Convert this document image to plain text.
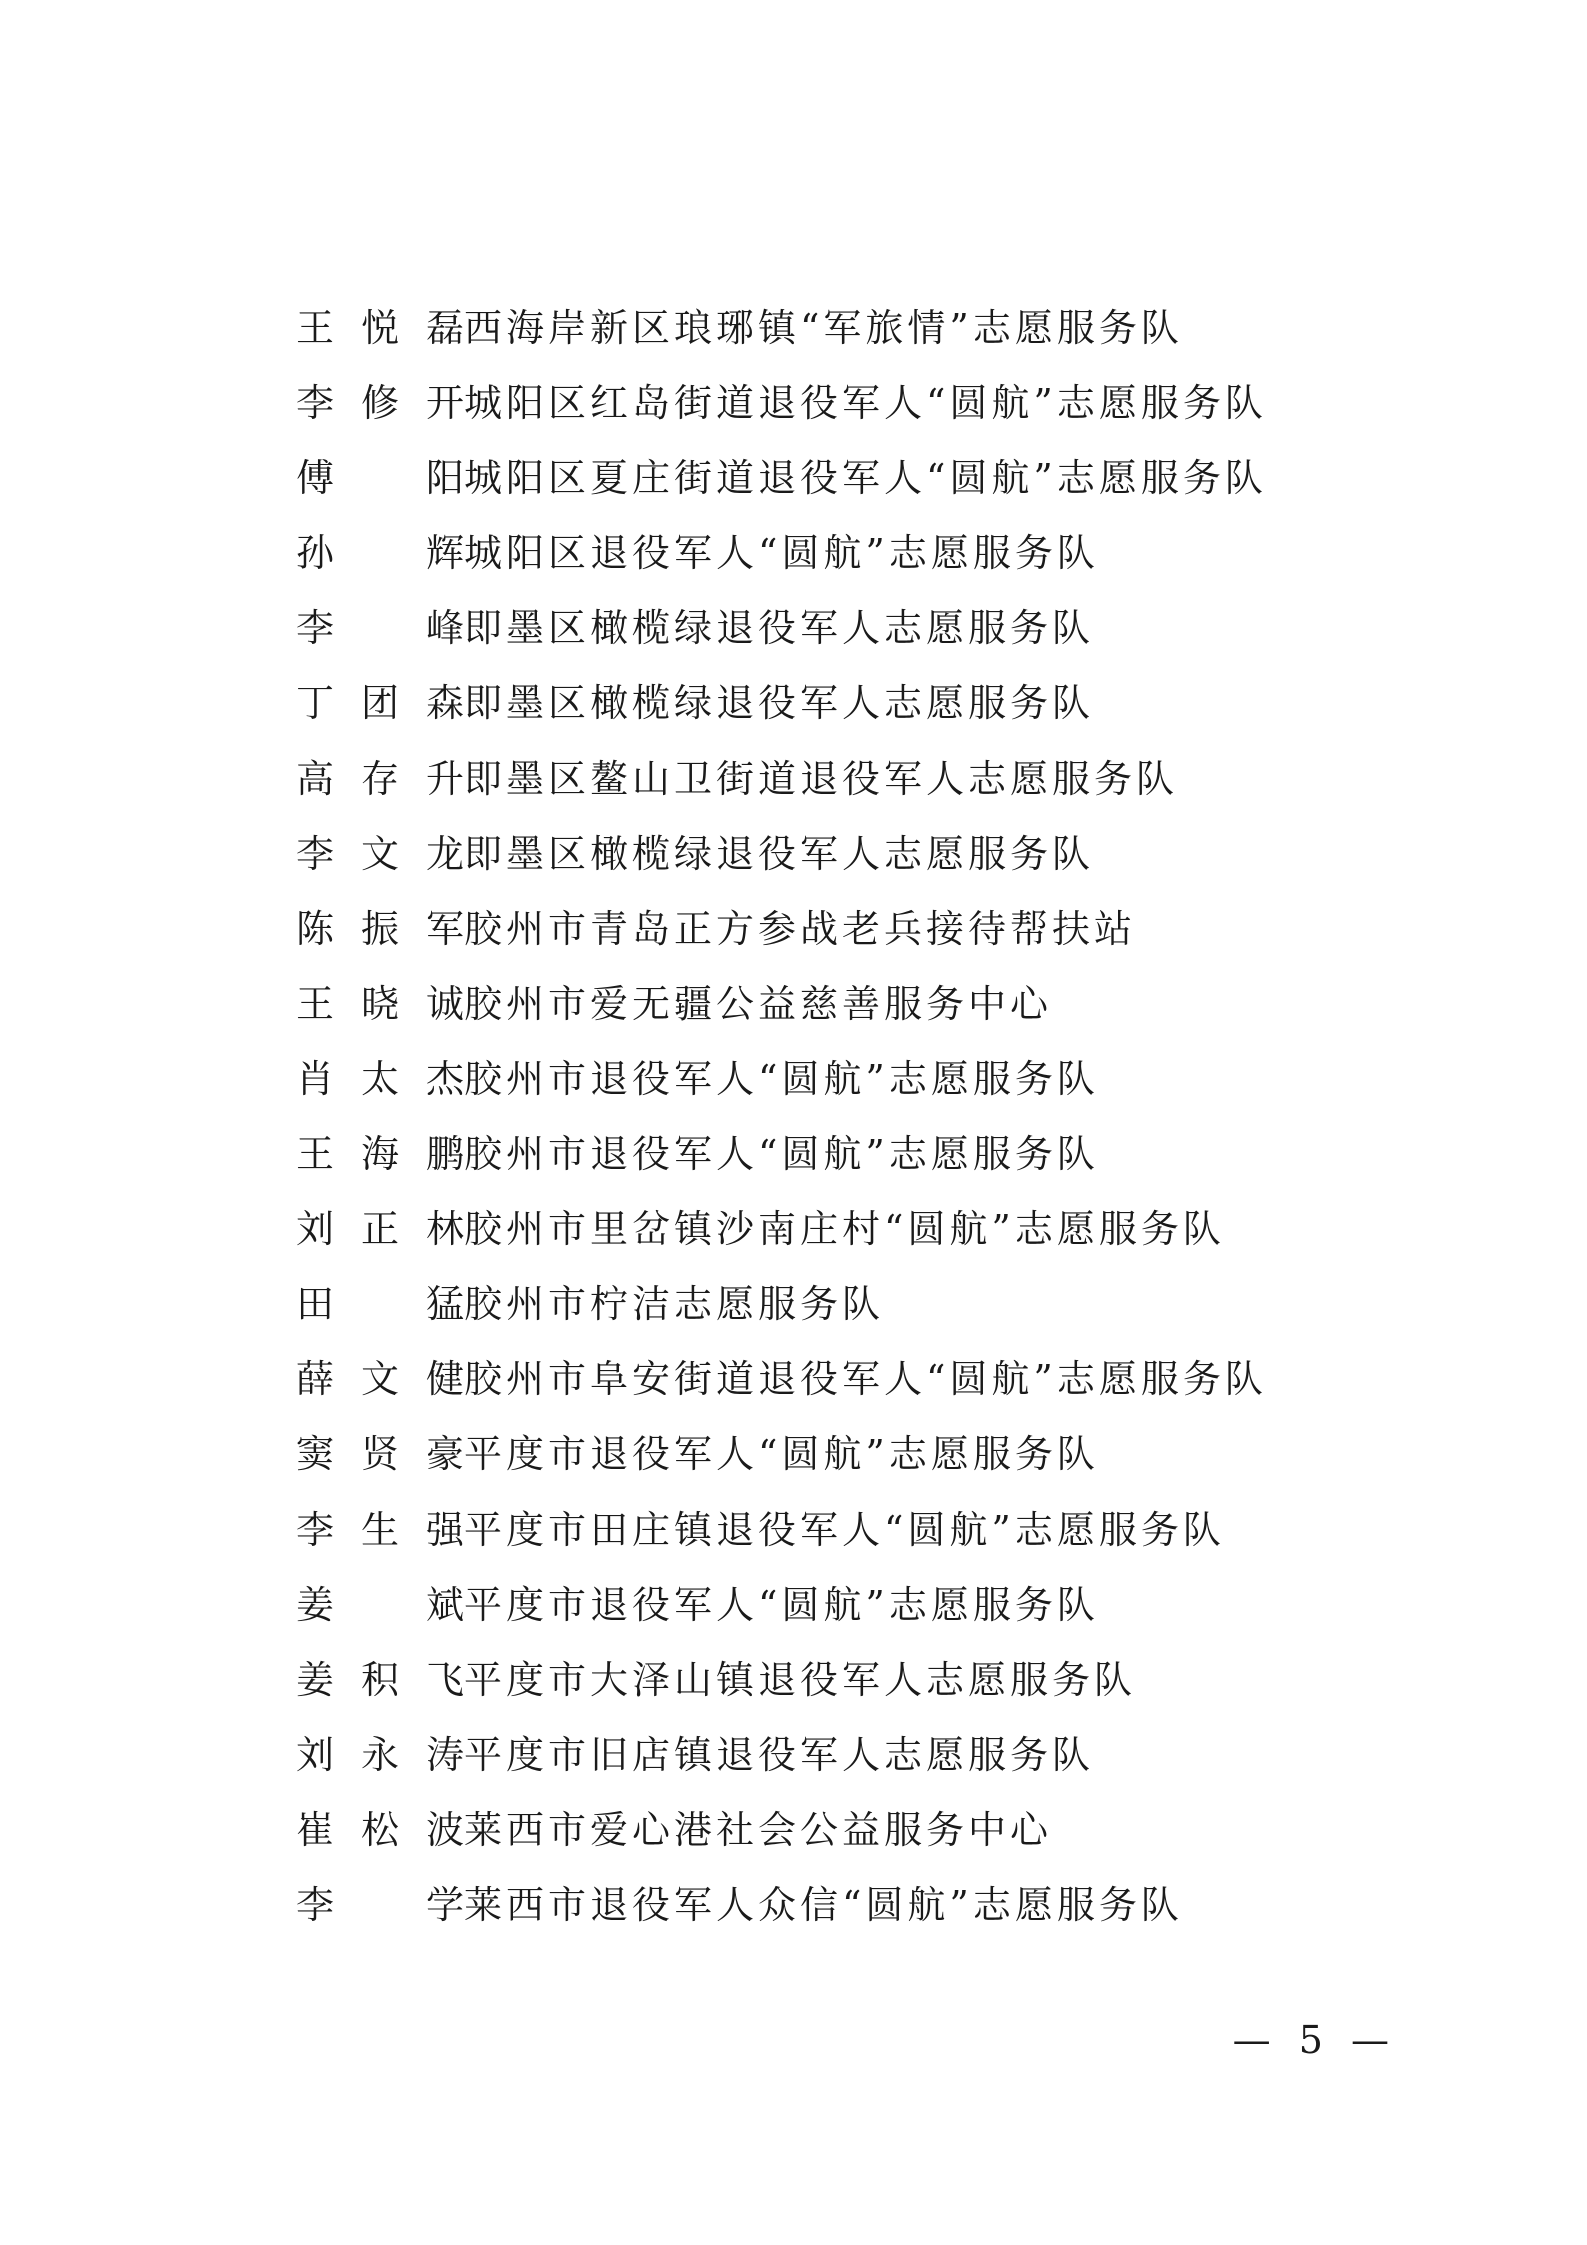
王悦磊 西海岸新区琅琊镇“军旅情”志愿服务队
李修开 城阳区红岛街道退役军人“圆航”志愿服务队
傅 阳 城阳区夏庄街道退役军人“圆航”志愿服务队
孙 辉 城阳区退役军人“圆航”志愿服务队
李 峰 即墨区橄榄绿退役军人志愿服务队
丁团森 即墨区橄榄绿退役军人志愿服务队
高存升 即墨区鳌山卫街道退役军人志愿服务队
李文龙 即墨区橄榄绿退役军人志愿服务队
陈振军 胶州市青岛正方参战老兵接待帮扶站
王晓诚 胶州市爱无疆公益慈善服务中心
肖太杰 胶州市退役军人“圆航”志愿服务队
王海鹏 胶州市退役军人“圆航”志愿服务队
刘正林 胶州市里岔镇沙南庄村“圆航”志愿服务队
田 猛 胶州市柠洁志愿服务队
薛文健 胶州市阜安街道退役军人“圆航”志愿服务队
窦贤豪 平度市退役军人“圆航”志愿服务队
李生强 平度市田庄镇退役军人“圆航”志愿服务队
姜 斌 平度市退役军人“圆航”志愿服务队
姜积飞 平度市大泽山镇退役军人志愿服务队
刘永涛 平度市旧店镇退役军人志愿服务队
崔松波 莱西市爱心港社会公益服务中心
李 学 莱西市退役军人众信“圆航”志愿服务队
— 5 —
